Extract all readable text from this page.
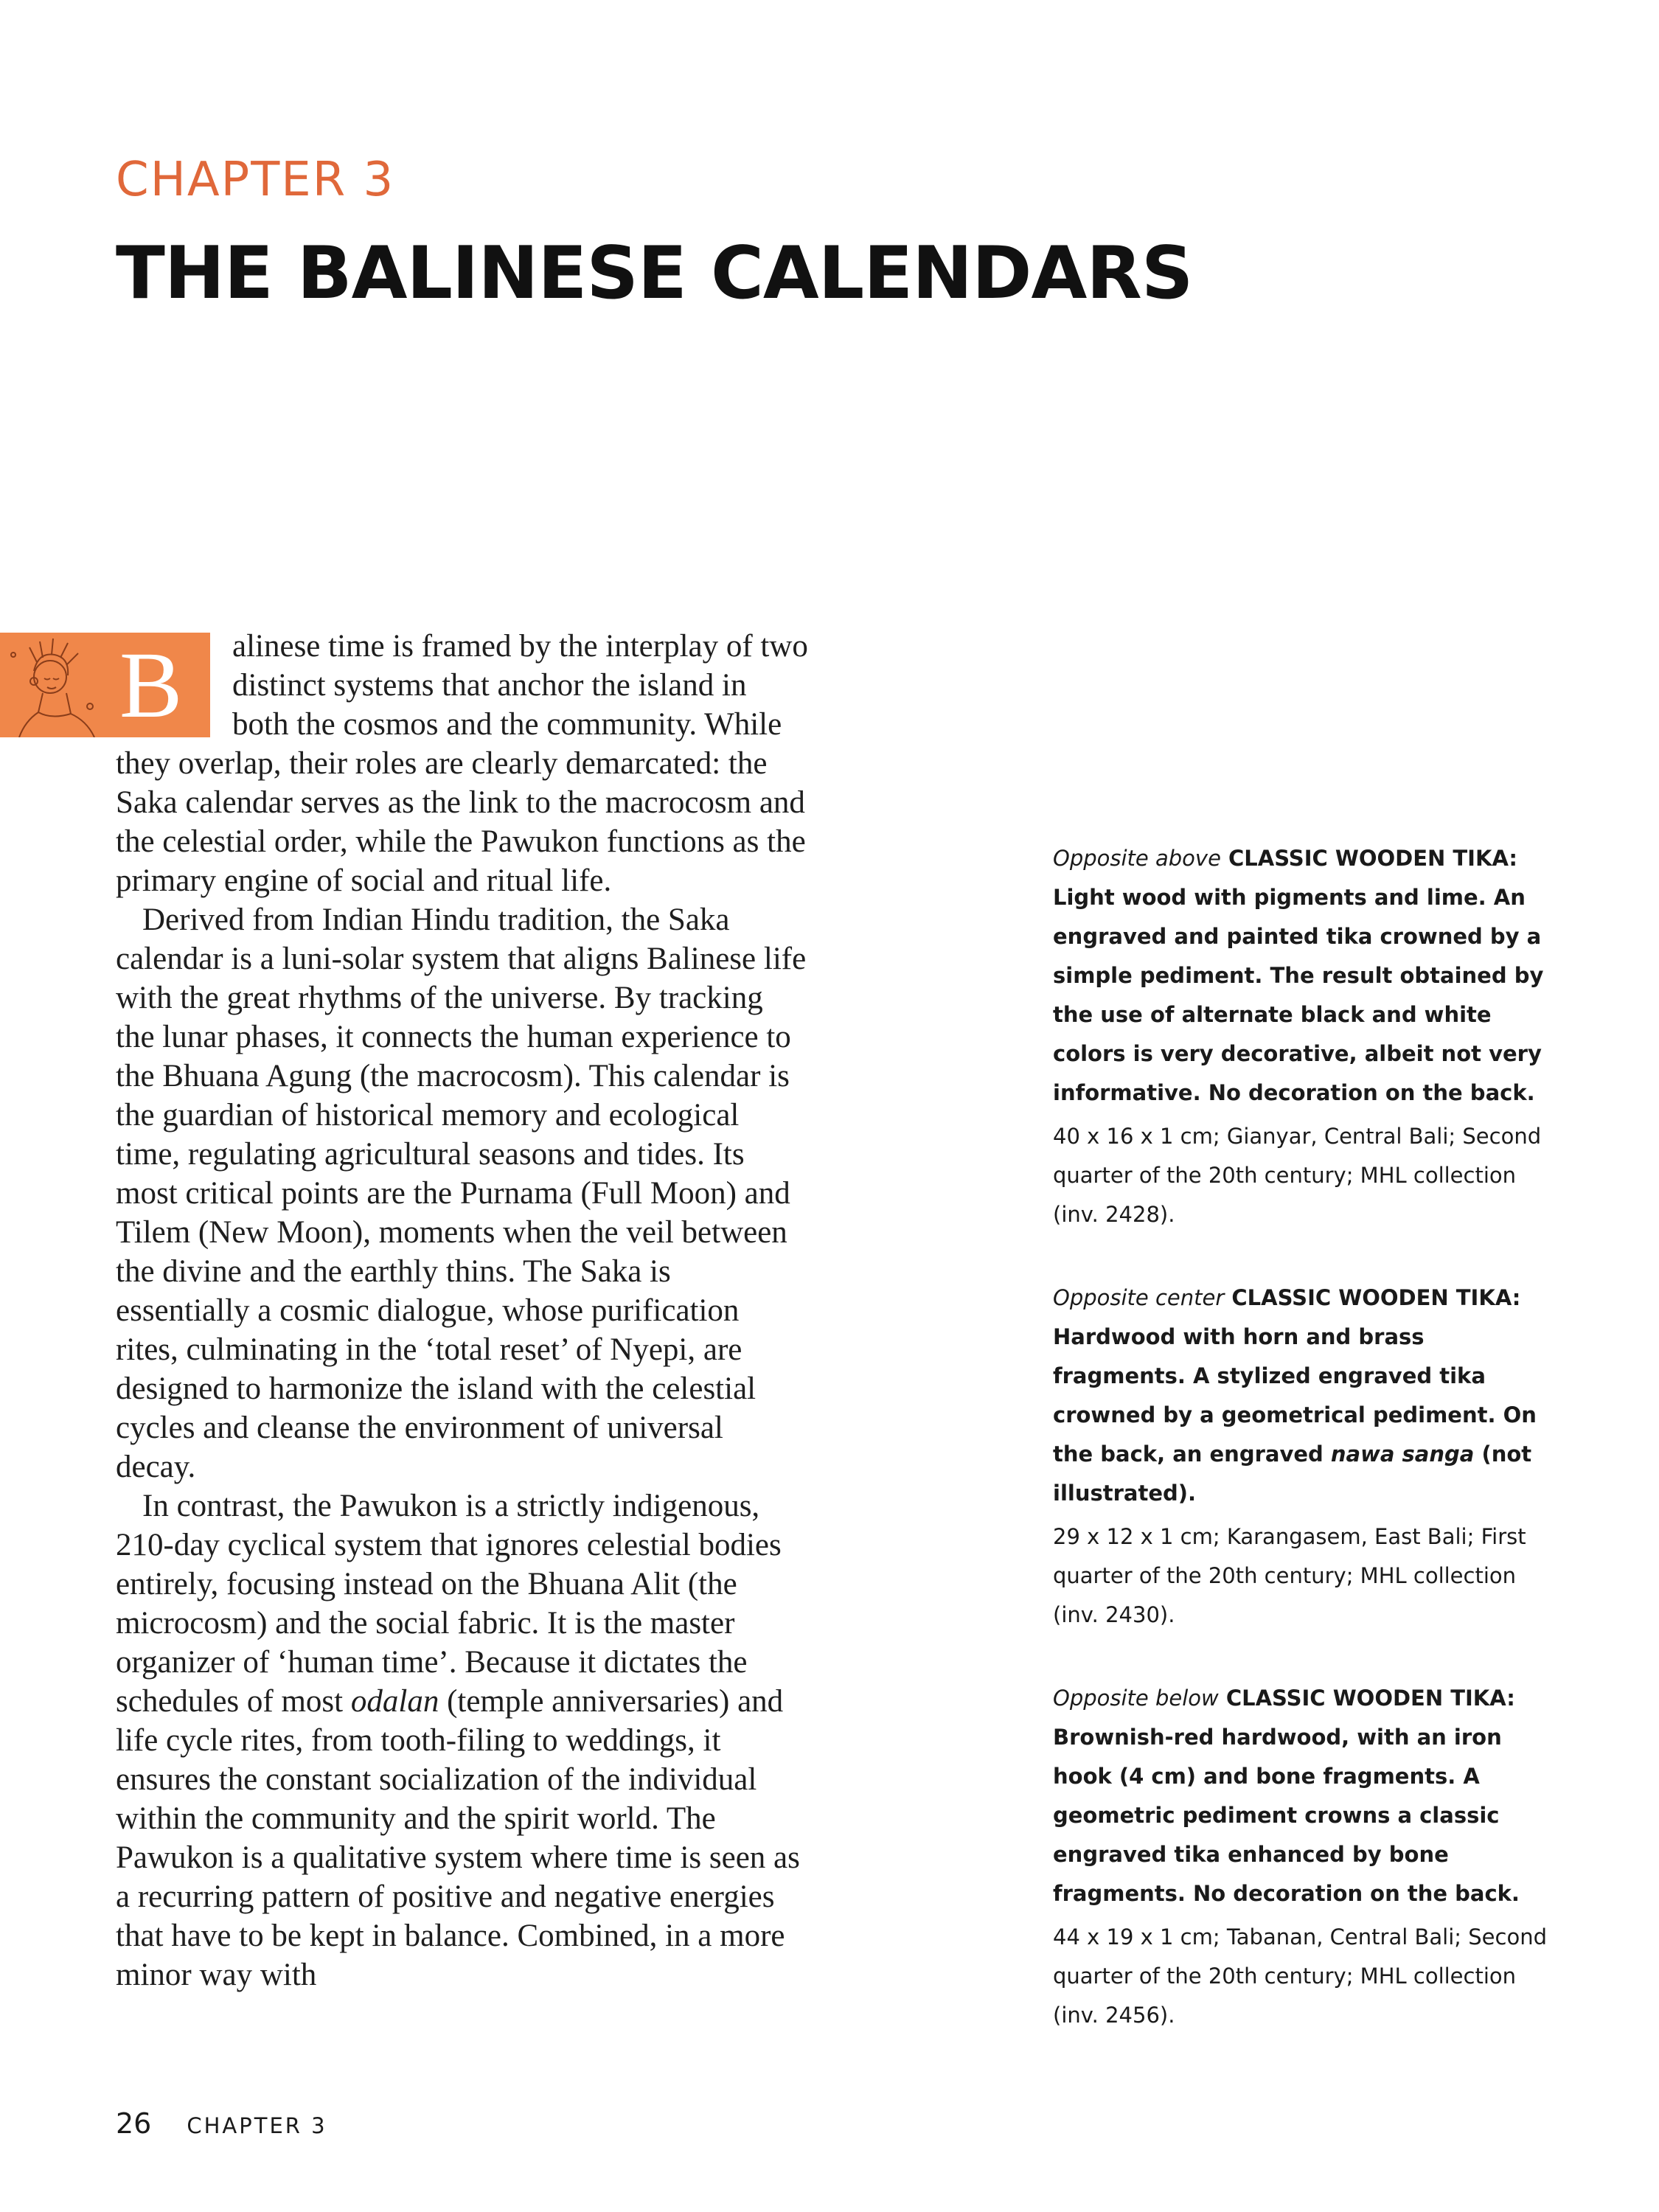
CHAPTER 3
THE BALINESE CALENDARS
B	alinese time is framed by the interplay of two distinct systems that anchor the island in both the cosmos and the community. While they overlap, their roles are clearly demarcated: the Saka calendar serves as the link to the macrocosm and the celestial order, while the Pawukon functions as the primary engine of social and ritual life.

Derived from Indian Hindu tradition, the Saka calendar is a luni-solar system that aligns Balinese life with the great rhythms of the universe. By tracking the lunar phases, it connects the human experience to the Bhuana Agung (the macrocosm). This calendar is the guardian of historical memory and ecological time, regulating agricultural seasons and tides. Its most critical points are the Purnama (Full Moon) and Tilem (New Moon), moments when the veil between the divine and the earthly thins. The Saka is essentially a cosmic dialogue, whose purification rites, culminating in the ‘total reset’ of Nyepi, are designed to harmonize the island with the celestial cycles and cleanse the environment of universal decay.

In contrast, the Pawukon is a strictly indigenous, 210-day cyclical system that ignores celestial bodies entirely, focusing instead on the Bhuana Alit (the microcosm) and the social fabric. It is the master organizer of ‘human time’. Because it dictates the schedules of most odalan (temple anniversaries) and life cycle rites, from tooth-filing to weddings, it ensures the constant socialization of the individual within the community and the spirit world. The Pawukon is a qualitative system where time is seen as a recurring pattern of positive and negative energies that have to be kept in balance. Combined, in a more minor way with

Opposite above CLASSIC WOODEN TIKA: Light wood with pigments and lime. An engraved and painted tika crowned by a simple pediment. The result obtained by the use of alternate black and white colors is very decorative, albeit not very informative. No decoration on the back.

40 x 16 x 1 cm; Gianyar, Central Bali; Second quarter of the 20th century; MHL collection (inv. 2428).

Opposite center CLASSIC WOODEN TIKA: Hardwood with horn and brass fragments. A stylized engraved tika crowned by a geometrical pediment. On the back, an engraved nawa sanga (not illustrated).

29 x 12 x 1 cm; Karangasem, East Bali; First quarter of the 20th century; MHL collection (inv. 2430).

Opposite below CLASSIC WOODEN TIKA: Brownish-red hardwood, with an iron hook (4 cm) and bone fragments. A geometric pediment crowns a classic engraved tika enhanced by bone fragments. No decoration on the back.

44 x 19 x 1 cm; Tabanan, Central Bali; Second quarter of the 20th century; MHL collection (inv. 2456).

26 CHAPTER 3
